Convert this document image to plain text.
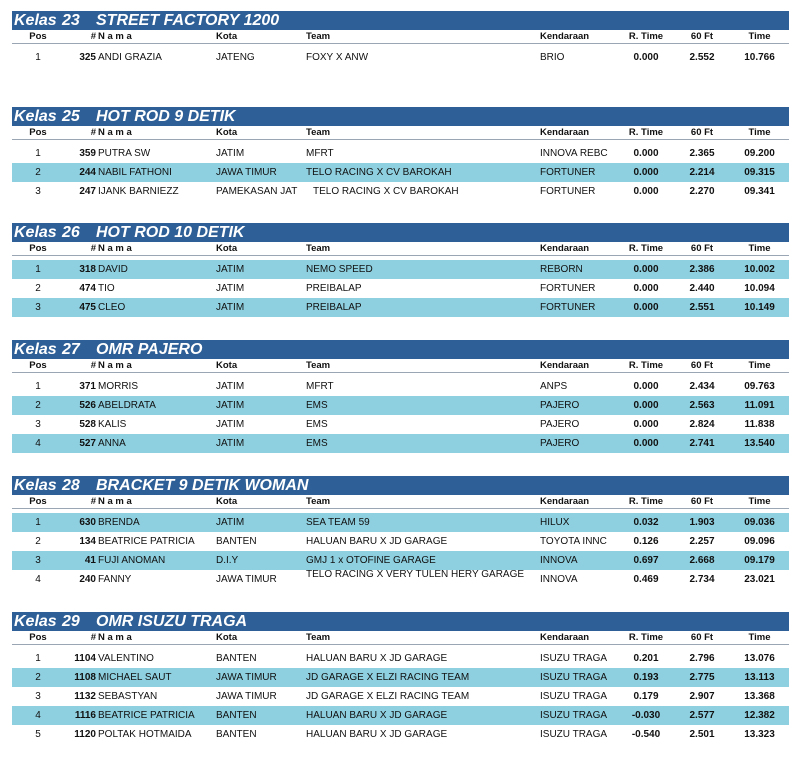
Kelas 23 STREET FACTORY 1200
Pos	# N a m a	Kota	Team	Kendaraan	R. Time	60 Ft	Time
1	325 ANDI GRAZIA	JATENG	FOXY X ANW	BRIO	0.000	2.552	10.766
Kelas 25 HOT ROD 9 DETIK
Pos	# N a m a	Kota	Team	Kendaraan	R. Time	60 Ft	Time
1	359 PUTRA SW	JATIM	MFRT	INNOVA REBC	0.000	2.365	09.200
2	244 NABIL FATHONI	JAWA TIMUR	TELO RACING X CV BAROKAH	FORTUNER	0.000	2.214	09.315
3	247 IJANK BARNIEZZ	PAMEKASAN JAT	TELO RACING X CV BAROKAH	FORTUNER	0.000	2.270	09.341
Kelas 26 HOT ROD 10 DETIK
Pos	# N a m a	Kota	Team	Kendaraan	R. Time	60 Ft	Time
1	318 DAVID	JATIM	NEMO SPEED	REBORN	0.000	2.386	10.002
2	474 TIO	JATIM	PREIBALAP	FORTUNER	0.000	2.440	10.094
3	475 CLEO	JATIM	PREIBALAP	FORTUNER	0.000	2.551	10.149
Kelas 27 OMR PAJERO
Pos	# N a m a	Kota	Team	Kendaraan	R. Time	60 Ft	Time
1	371 MORRIS	JATIM	MFRT	ANPS	0.000	2.434	09.763
2	526 ABELDRATA	JATIM	EMS	PAJERO	0.000	2.563	11.091
3	528 KALIS	JATIM	EMS	PAJERO	0.000	2.824	11.838
4	527 ANNA	JATIM	EMS	PAJERO	0.000	2.741	13.540
Kelas 28 BRACKET 9 DETIK WOMAN
Pos	# N a m a	Kota	Team	Kendaraan	R. Time	60 Ft	Time
1	630 BRENDA	JATIM	SEA TEAM 59	HILUX	0.032	1.903	09.036
2	134 BEATRICE PATRICIA	BANTEN	HALUAN BARU X JD GARAGE	TOYOTA INNC	0.126	2.257	09.096
3	41 FUJI ANOMAN	D.I.Y	GMJ 1 x OTOFINE GARAGE	INNOVA	0.697	2.668	09.179
4	240 FANNY	JAWA TIMUR	TELO RACING X VERY TULEN HERY GARAGE	INNOVA	0.469	2.734	23.021
Kelas 29 OMR ISUZU TRAGA
Pos	# N a m a	Kota	Team	Kendaraan	R. Time	60 Ft	Time
1	1104 VALENTINO	BANTEN	HALUAN BARU X JD GARAGE	ISUZU TRAGA	0.201	2.796	13.076
2	1108 MICHAEL SAUT	JAWA TIMUR	JD GARAGE X ELZI RACING TEAM	ISUZU TRAGA	0.193	2.775	13.113
3	1132 SEBASTYAN	JAWA TIMUR	JD GARAGE X ELZI RACING TEAM	ISUZU TRAGA	0.179	2.907	13.368
4	1116 BEATRICE PATRICIA	BANTEN	HALUAN BARU X JD GARAGE	ISUZU TRAGA	-0.030	2.577	12.382
5	1120 POLTAK HOTMAIDA	BANTEN	HALUAN BARU X JD GARAGE	ISUZU TRAGA	-0.540	2.501	13.323
